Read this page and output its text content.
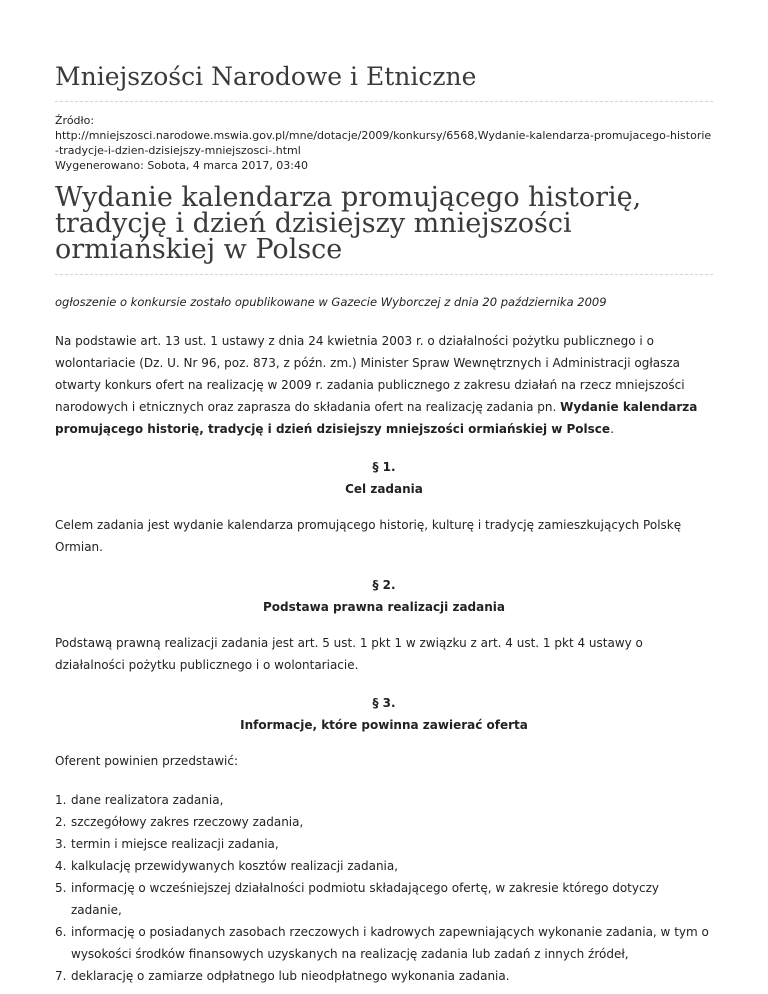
Mniejszości Narodowe i Etniczne
Źródło:
http://mniejszosci.narodowe.mswia.gov.pl/mne/dotacje/2009/konkursy/6568,Wydanie-kalendarza-promujacego-historie
-tradycje-i-dzien-dzisiejszy-mniejszosci-.html
Wygenerowano: Sobota, 4 marca 2017, 03:40
Wydanie kalendarza promującego historię, tradycję i dzień dzisiejszy mniejszości ormiańskiej w Polsce
ogłoszenie o konkursie zostało opublikowane w Gazecie Wyborczej z dnia 20 października 2009
Na podstawie art. 13 ust. 1 ustawy z dnia 24 kwietnia 2003 r. o działalności pożytku publicznego i o wolontariacie (Dz. U. Nr 96, poz. 873, z późn. zm.) Minister Spraw Wewnętrznych i Administracji ogłasza otwarty konkurs ofert na realizację w 2009 r. zadania publicznego z zakresu działań na rzecz mniejszości narodowych i etnicznych oraz zaprasza do składania ofert na realizację zadania pn. Wydanie kalendarza promującego historię, tradycję i dzień dzisiejszy mniejszości ormiańskiej w Polsce.
§ 1.
Cel zadania
Celem zadania jest wydanie kalendarza promującego historię, kulturę i tradycję zamieszkujących Polskę Ormian.
§ 2.
Podstawa prawna realizacji zadania
Podstawą prawną realizacji zadania jest art. 5 ust. 1 pkt 1 w związku z art. 4 ust. 1 pkt 4 ustawy o działalności pożytku publicznego i o wolontariacie.
§ 3.
Informacje, które powinna zawierać oferta
Oferent powinien przedstawić:
1. dane realizatora zadania,
2. szczegółowy zakres rzeczowy zadania,
3. termin i miejsce realizacji zadania,
4. kalkulację przewidywanych kosztów realizacji zadania,
5. informację o wcześniejszej działalności podmiotu składającego ofertę, w zakresie którego dotyczy zadanie,
6. informację o posiadanych zasobach rzeczowych i kadrowych zapewniających wykonanie zadania, w tym o wysokości środków finansowych uzyskanych na realizację zadania lub zadań z innych źródeł,
7. deklarację o zamiarze odpłatnego lub nieodpłatnego wykonania zadania.
